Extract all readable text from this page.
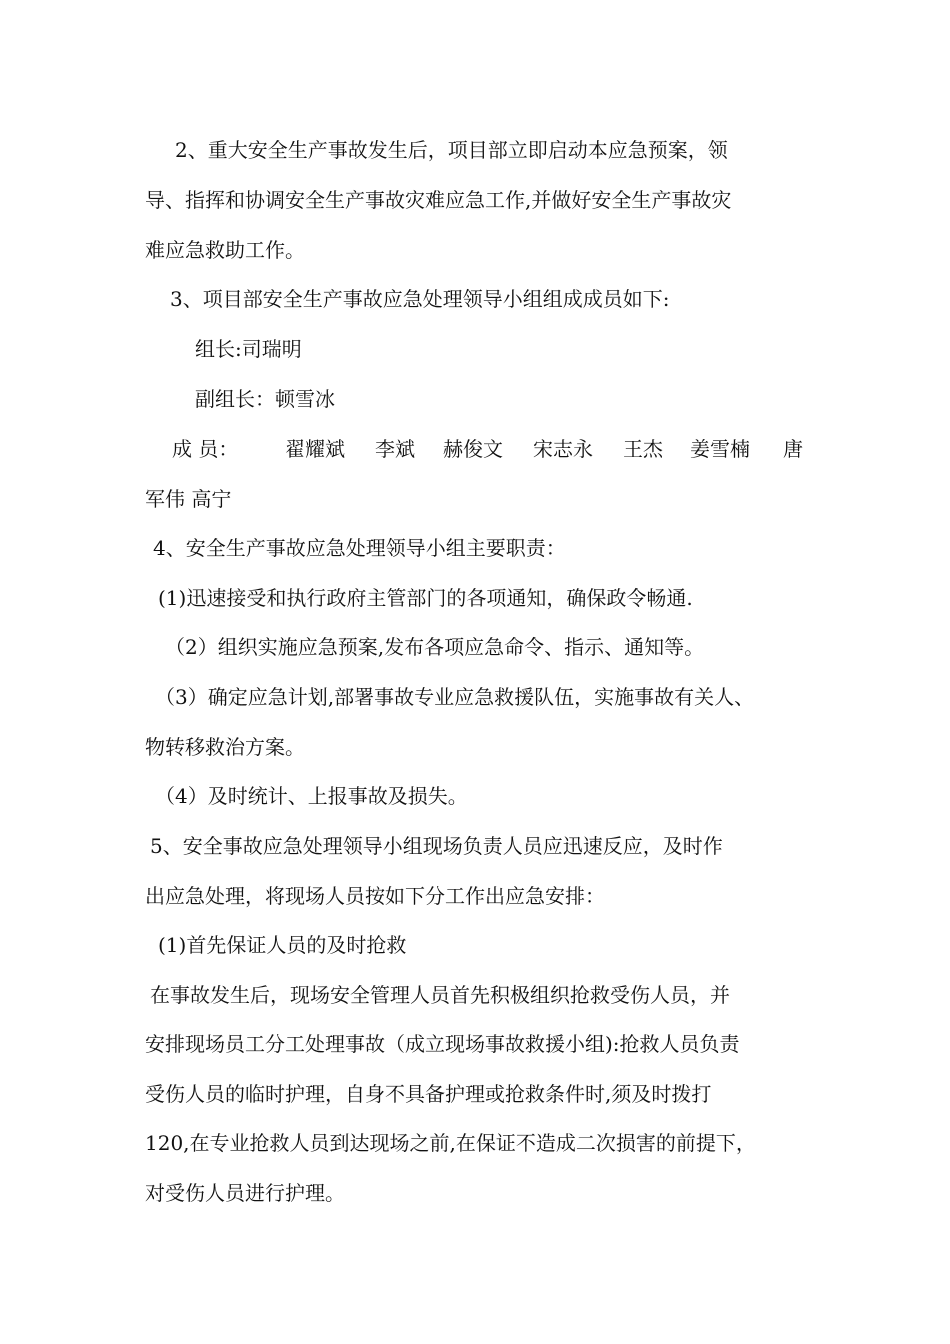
2、重大安全生产事故发生后，项目部立即启动本应急预案，领
导、指挥和协调安全生产事故灾难应急工作,并做好安全生产事故灾
难应急救助工作。
3、项目部安全生产事故应急处理领导小组组成成员如下:
组长:司瑞明
副组长：顿雪冰
成 员： 翟耀斌 李斌 赫俊文 宋志永 王杰 姜雪楠 唐
军伟 高宁
4、安全生产事故应急处理领导小组主要职责：
(1)迅速接受和执行政府主管部门的各项通知，确保政令畅通.
（2）组织实施应急预案,发布各项应急命令、指示、通知等。
（3）确定应急计划,部署事故专业应急救援队伍，实施事故有关人、
物转移救治方案。
（4）及时统计、上报事故及损失。
5、安全事故应急处理领导小组现场负责人员应迅速反应，及时作
出应急处理，将现场人员按如下分工作出应急安排：
(1)首先保证人员的及时抢救
在事故发生后，现场安全管理人员首先积极组织抢救受伤人员，并
安排现场员工分工处理事故（成立现场事故救援小组):抢救人员负责
受伤人员的临时护理，自身不具备护理或抢救条件时,须及时拨打
120,在专业抢救人员到达现场之前,在保证不造成二次损害的前提下，
对受伤人员进行护理。
